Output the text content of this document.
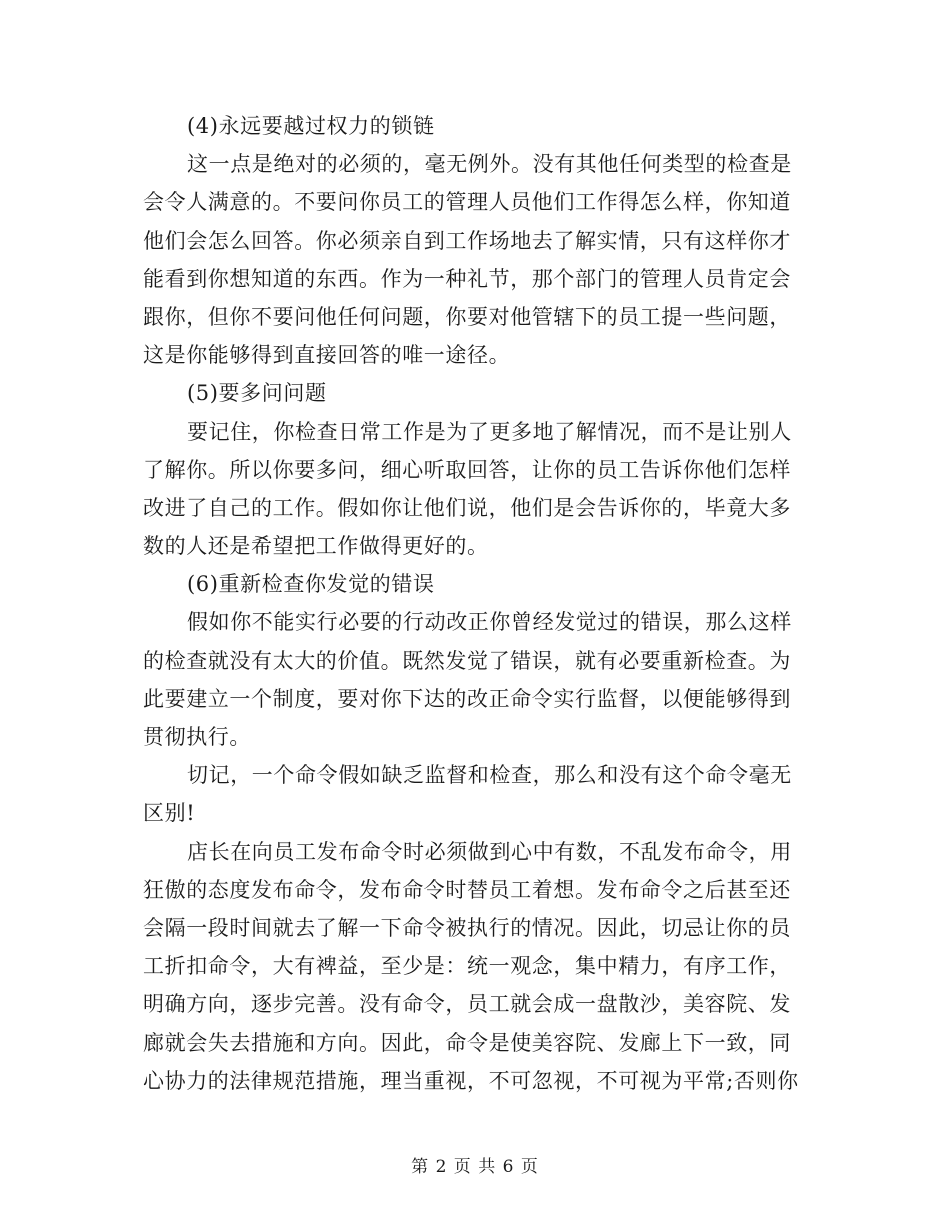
(4)永远要越过权力的锁链
这一点是绝对的必须的，毫无例外。没有其他任何类型的检查是
会令人满意的。不要问你员工的管理人员他们工作得怎么样，你知道
他们会怎么回答。你必须亲自到工作场地去了解实情，只有这样你才
能看到你想知道的东西。作为一种礼节，那个部门的管理人员肯定会
跟你，但你不要问他任何问题，你要对他管辖下的员工提一些问题，
这是你能够得到直接回答的唯一途径。
(5)要多问问题
要记住，你检查日常工作是为了更多地了解情况，而不是让别人
了解你。所以你要多问，细心听取回答，让你的员工告诉你他们怎样
改进了自己的工作。假如你让他们说，他们是会告诉你的，毕竟大多
数的人还是希望把工作做得更好的。
(6)重新检查你发觉的错误
假如你不能实行必要的行动改正你曾经发觉过的错误，那么这样
的检查就没有太大的价值。既然发觉了错误，就有必要重新检查。为
此要建立一个制度，要对你下达的改正命令实行监督，以便能够得到
贯彻执行。
切记，一个命令假如缺乏监督和检查，那么和没有这个命令毫无
区别!
店长在向员工发布命令时必须做到心中有数，不乱发布命令，用
狂傲的态度发布命令，发布命令时替员工着想。发布命令之后甚至还
会隔一段时间就去了解一下命令被执行的情况。因此，切忌让你的员
工折扣命令，大有裨益，至少是：统一观念，集中精力，有序工作，
明确方向，逐步完善。没有命令，员工就会成一盘散沙，美容院、发
廊就会失去措施和方向。因此，命令是使美容院、发廊上下一致，同
心协力的法律规范措施，理当重视，不可忽视，不可视为平常;否则你
第 2 页 共 6 页
